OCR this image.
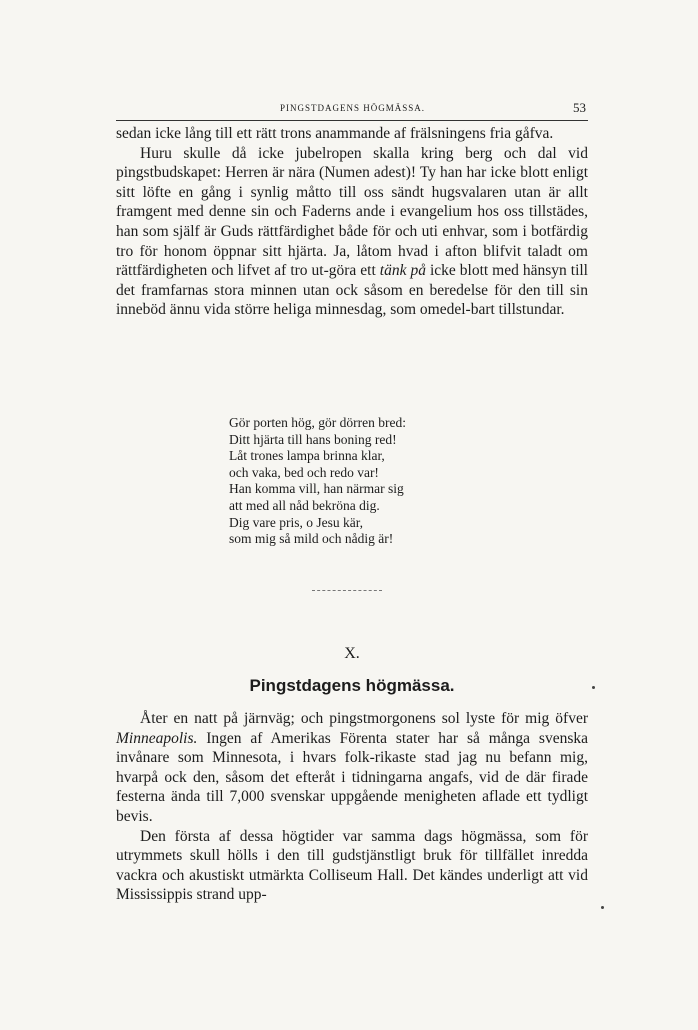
PINGSTDAGENS HÖGMÄSSA.	53

sedan icke lång till ett rätt trons anammande af frälsningens fria gåfva.

Huru skulle då icke jubelropen skalla kring berg och dal vid pingstbudskapet: Herren är nära (Numen adest)! Ty han har icke blott enligt sitt löfte en gång i synlig måtto till oss sändt hugsvalaren utan är allt framgent med denne sin och Faderns ande i evangelium hos oss tillstädes, han som själf är Guds rättfärdighet både för och uti enhvar, som i botfärdig tro för honom öppnar sitt hjärta. Ja, låtom hvad i afton blifvit taladt om rättfärdigheten och lifvet af tro ut-göra ett tänk på icke blott med hänsyn till det framfarnas stora minnen utan ock såsom en beredelse för den till sin inneböd ännu vida större heliga minnesdag, som omedel-bart tillstundar.

Gör porten hög, gör dörren bred:
Ditt hjärta till hans boning red!
Låt trones lampa brinna klar,
och vaka, bed och redo var!
Han komma vill, han närmar sig
att med all nåd bekröna dig.
Dig vare pris, o Jesu kär,
som mig så mild och nådig är!
X.
Pingstdagens högmässa.

Åter en natt på järnväg; och pingstmorgonens sol lyste för mig öfver Minneapolis. Ingen af Amerikas Förenta stater har så många svenska invånare som Minnesota, i hvars folk-rikaste stad jag nu befann mig, hvarpå ock den, såsom det efteråt i tidningarna angafs, vid de där firade festerna ända till 7,000 svenskar uppgående menigheten aflade ett tydligt bevis.

Den första af dessa högtider var samma dags högmässa, som för utrymmets skull hölls i den till gudstjänstligt bruk för tillfället inredda vackra och akustiskt utmärkta Colliseum Hall. Det kändes underligt att vid Mississippis strand upp-
